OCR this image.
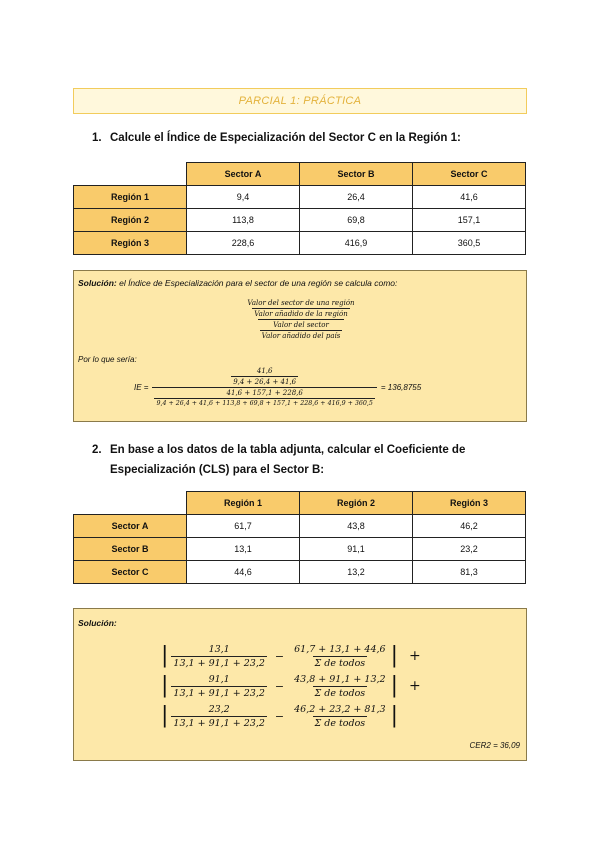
PARCIAL 1: PRÁCTICA
1. Calcule el Índice de Especialización del Sector C en la Región 1:
	Sector A	Sector B	Sector C
Región 1	9,4	26,4	41,6
Región 2	113,8	69,8	157,1
Región 3	228,6	416,9	360,5
Solución: el Índice de Especialización para el sector de una región se calcula como:
$\frac{\text{Valor del sector de una región}}{\text{Valor añadido de la región}}$
$\frac{\text{Valor del sector}}{\text{Valor añadido del país}}$
Por lo que sería:
IE =
$\frac{41,6}{9,4 + 26,4 + 41,6}$
41,6 + 157,1 + 228,6
9,4 + 26,4 + 41,6 + 113,8 + 69,8 + 157,1 + 228,6 + 416,9 + 360,5
= 136,8755
2. En base a los datos de la tabla adjunta, calcular el Coeficiente de
Especialización (CLS) para el Sector B:
	Región 1	Región 2	Región 3
Sector A	61,7	43,8	46,2
Sector B	13,1	91,1	23,2
Sector C	44,6	13,2	81,3
Solución:
| $\frac{13,1}{13,1 + 91,1 + 23,2} - \frac{61,7 + 13,1 + 44,6}{\text{Σ de todos}}$ | +
| $\frac{91,1}{13,1 + 91,1 + 23,2} - \frac{43,8 + 91,1 + 13,2}{\text{Σ de todos}}$ | +
| $\frac{23,2}{13,1 + 91,1 + 23,2} - \frac{46,2 + 23,2 + 81,3}{\text{Σ de todos}}$ |
CER2 = 36,09
